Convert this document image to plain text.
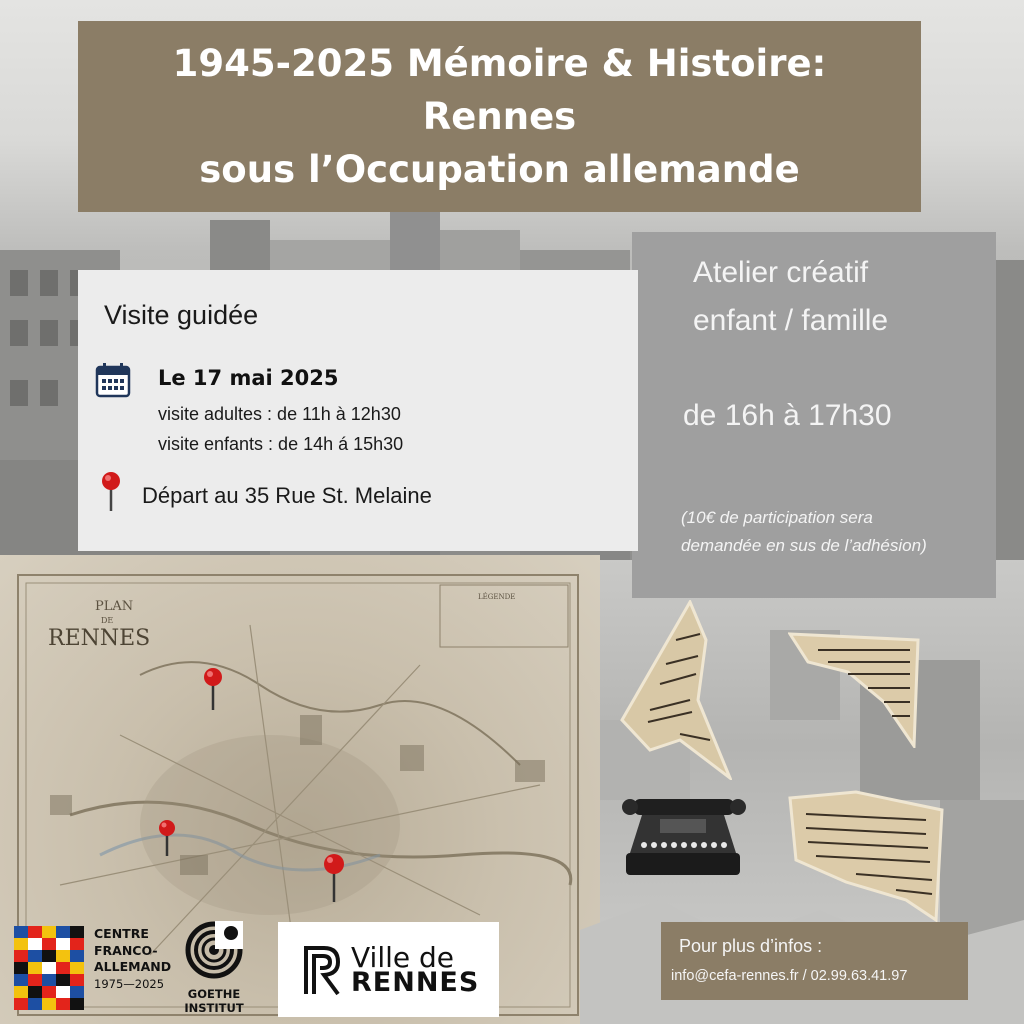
PLAN
DE
RENNES
LÉGENDE
1945-2025 Mémoire & Histoire:
Rennes
sous l’Occupation allemande
Atelier créatif
enfant / famille
de 16h à 17h30
(10€ de participation sera
demandée en sus de l’adhésion)
Visite guidée
Le 17 mai 2025
visite adultes : de 11h à 12h30
visite enfants : de 14h á 15h30
Départ au 35 Rue St. Melaine
Pour plus d’infos :
info@cefa-rennes.fr / 02.99.63.41.97
CENTRE
FRANCO-
ALLEMAND
1975—2025
GOETHE
INSTITUT
Ville de
RENNES
